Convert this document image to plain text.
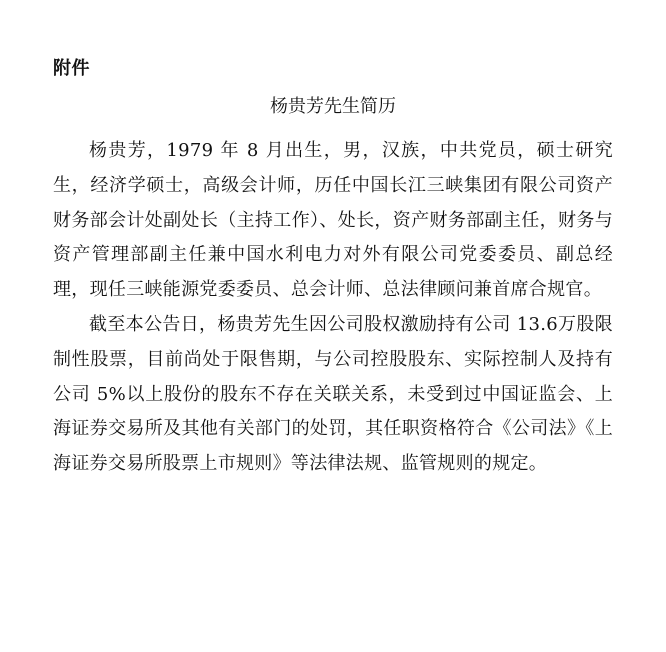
附件
杨贵芳先生简历

杨贵芳，1979 年 8 月出生，男，汉族，中共党员，硕士研究生，经济学硕士，高级会计师，历任中国长江三峡集团有限公司资产财务部会计处副处长（主持工作）、处长，资产财务部副主任，财务与资产管理部副主任兼中国水利电力对外有限公司党委委员、副总经理，现任三峡能源党委委员、总会计师、总法律顾问兼首席合规官。

截至本公告日，杨贵芳先生因公司股权激励持有公司 13.6万股限制性股票，目前尚处于限售期，与公司控股股东、实际控制人及持有公司 5%以上股份的股东不存在关联关系，未受到过中国证监会、上海证券交易所及其他有关部门的处罚，其任职资格符合《公司法》《上海证券交易所股票上市规则》等法律法规、监管规则的规定。
